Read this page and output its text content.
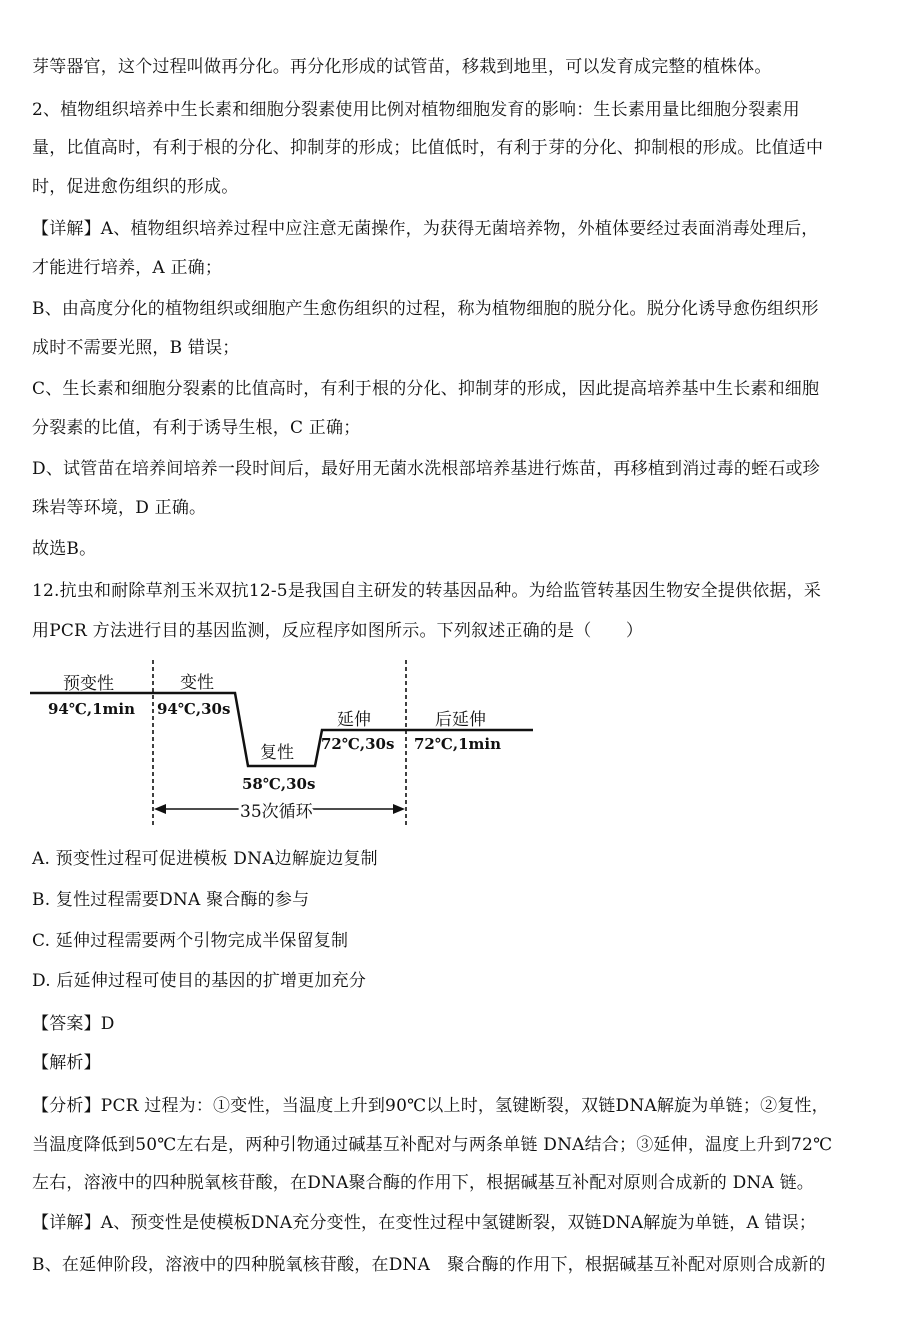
芽等器官，这个过程叫做再分化。再分化形成的试管苗，移栽到地里，可以发育成完整的植株体。
2、植物组织培养中生长素和细胞分裂素使用比例对植物细胞发育的影响：生长素用量比细胞分裂素用
量，比值高时，有利于根的分化、抑制芽的形成；比值低时，有利于芽的分化、抑制根的形成。比值适中
时，促进愈伤组织的形成。
【详解】A、植物组织培养过程中应注意无菌操作，为获得无菌培养物，外植体要经过表面消毒处理后，
才能进行培养，A 正确；
B、由高度分化的植物组织或细胞产生愈伤组织的过程，称为植物细胞的脱分化。脱分化诱导愈伤组织形
成时不需要光照，B 错误；
C、生长素和细胞分裂素的比值高时，有利于根的分化、抑制芽的形成，因此提高培养基中生长素和细胞
分裂素的比值，有利于诱导生根，C 正确；
D、试管苗在培养间培养一段时间后，最好用无菌水洗根部培养基进行炼苗，再移植到消过毒的蛭石或珍
珠岩等环境，D 正确。
故选B。
12.抗虫和耐除草剂玉米双抗12-5是我国自主研发的转基因品种。为给监管转基因生物安全提供依据，采
用PCR 方法进行目的基因监测，反应程序如图所示。下列叙述正确的是（　　）
预变性
94℃,1min
变性
94℃,30s
复性
58℃,30s
延伸
72℃,30s
后延伸
72℃,1min
35次循环
A. 预变性过程可促进模板 DNA边解旋边复制
B. 复性过程需要DNA 聚合酶的参与
C. 延伸过程需要两个引物完成半保留复制
D. 后延伸过程可使目的基因的扩增更加充分
【答案】D
【解析】
【分析】PCR 过程为：①变性，当温度上升到90℃以上时，氢键断裂，双链DNA解旋为单链；②复性，
当温度降低到50℃左右是，两种引物通过碱基互补配对与两条单链 DNA结合；③延伸，温度上升到72℃
左右，溶液中的四种脱氧核苷酸，在DNA聚合酶的作用下，根据碱基互补配对原则合成新的 DNA 链。
【详解】A、预变性是使模板DNA充分变性，在变性过程中氢键断裂，双链DNA解旋为单链，A 错误；
B、在延伸阶段，溶液中的四种脱氧核苷酸，在DNA　聚合酶的作用下，根据碱基互补配对原则合成新的
